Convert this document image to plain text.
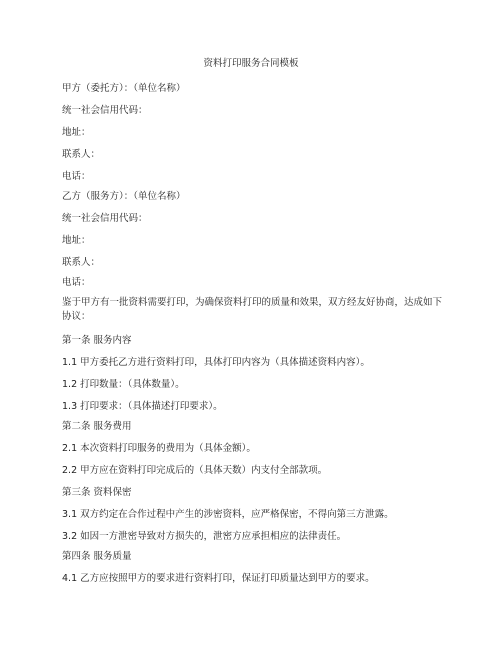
资料打印服务合同模板
甲方（委托方）：（单位名称）
统一社会信用代码：
地址：
联系人：
电话：
乙方（服务方）：（单位名称）
统一社会信用代码：
地址：
联系人：
电话：
鉴于甲方有一批资料需要打印，为确保资料打印的质量和效果，双方经友好协商，达成如下协议：
第一条 服务内容
1.1 甲方委托乙方进行资料打印，具体打印内容为（具体描述资料内容）。
1.2 打印数量：（具体数量）。
1.3 打印要求：（具体描述打印要求）。
第二条 服务费用
2.1 本次资料打印服务的费用为（具体金额）。
2.2 甲方应在资料打印完成后的（具体天数）内支付全部款项。
第三条 资料保密
3.1 双方约定在合作过程中产生的涉密资料，应严格保密，不得向第三方泄露。
3.2 如因一方泄密导致对方损失的，泄密方应承担相应的法律责任。
第四条 服务质量
4.1 乙方应按照甲方的要求进行资料打印，保证打印质量达到甲方的要求。
